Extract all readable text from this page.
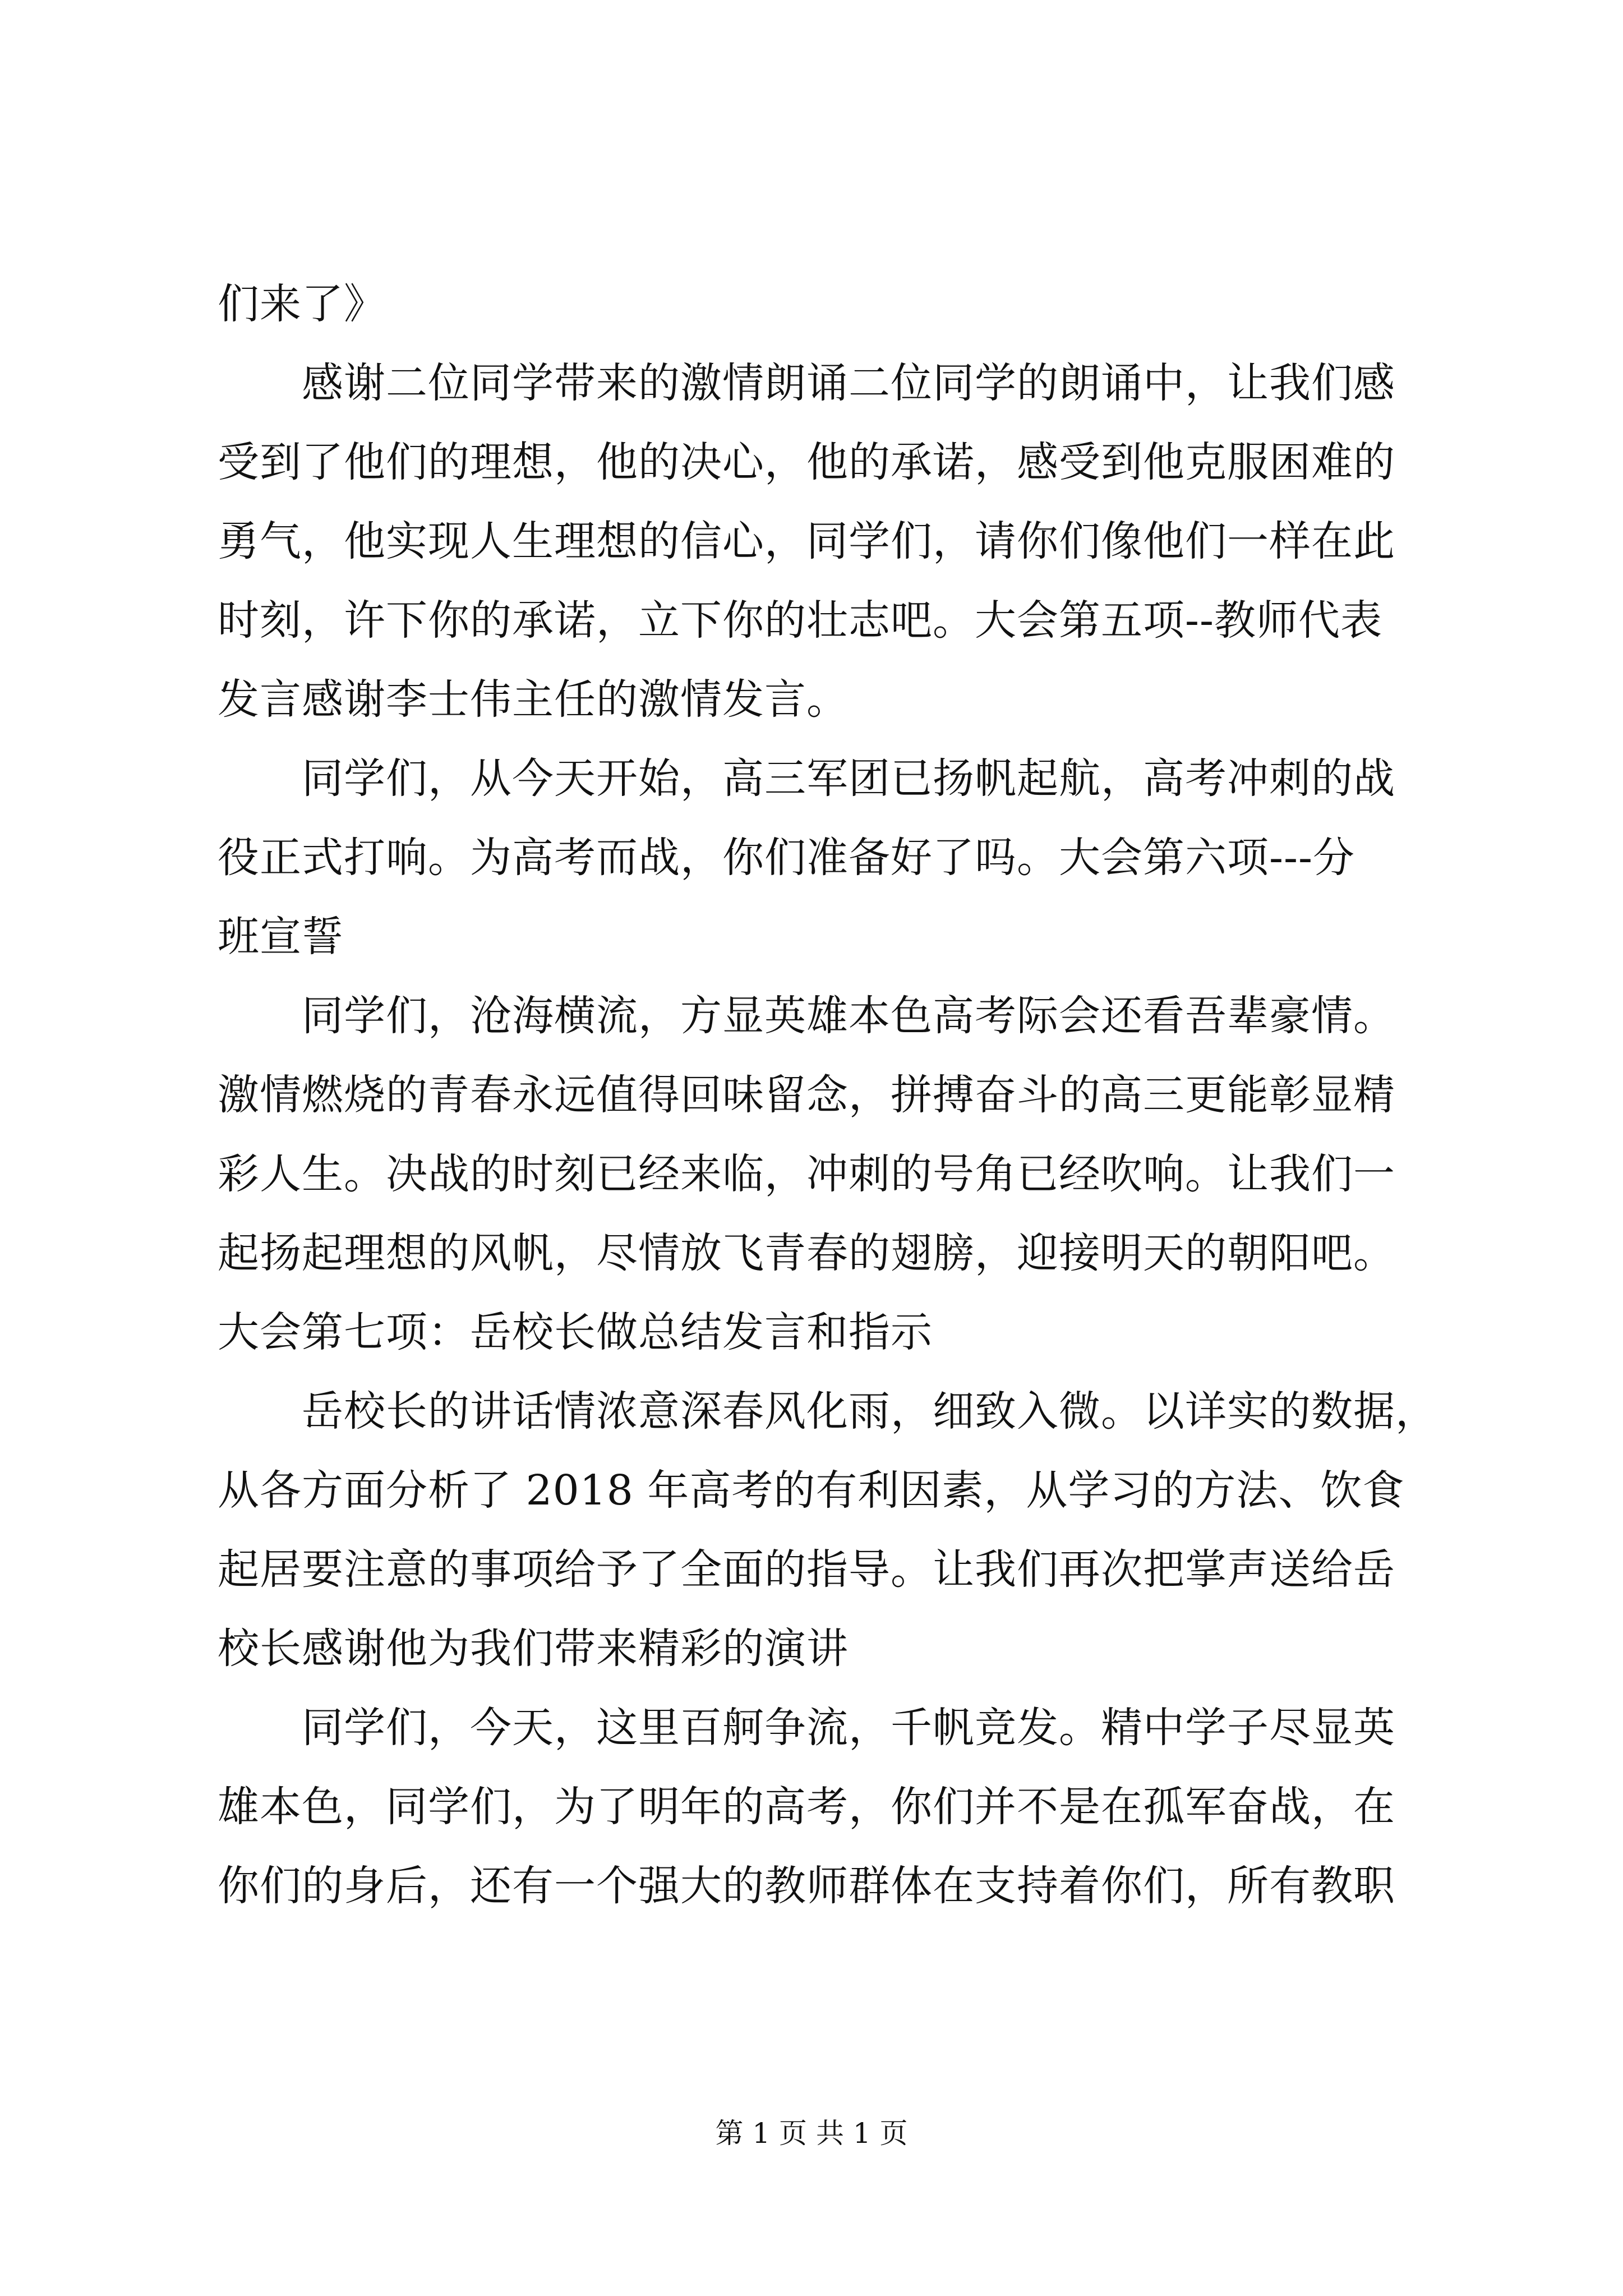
们来了》
感谢二位同学带来的激情朗诵二位同学的朗诵中，让我们感
受到了他们的理想，他的决心，他的承诺，感受到他克服困难的
勇气，他实现人生理想的信心，同学们，请你们像他们一样在此
时刻，许下你的承诺，立下你的壮志吧。大会第五项--教师代表
发言感谢李士伟主任的激情发言。
同学们，从今天开始，高三军团已扬帆起航，高考冲刺的战
役正式打响。为高考而战，你们准备好了吗。大会第六项---分
班宣誓
同学们，沧海横流，方显英雄本色高考际会还看吾辈豪情。
激情燃烧的青春永远值得回味留念，拼搏奋斗的高三更能彰显精
彩人生。决战的时刻已经来临，冲刺的号角已经吹响。让我们一
起扬起理想的风帆，尽情放飞青春的翅膀，迎接明天的朝阳吧。
大会第七项：岳校长做总结发言和指示
岳校长的讲话情浓意深春风化雨，细致入微。以详实的数据，
从各方面分析了 2018 年高考的有利因素，从学习的方法、饮食
起居要注意的事项给予了全面的指导。让我们再次把掌声送给岳
校长感谢他为我们带来精彩的演讲
同学们，今天，这里百舸争流，千帆竞发。精中学子尽显英
雄本色，同学们，为了明年的高考，你们并不是在孤军奋战，在
你们的身后，还有一个强大的教师群体在支持着你们，所有教职
第 1 页 共 1 页
